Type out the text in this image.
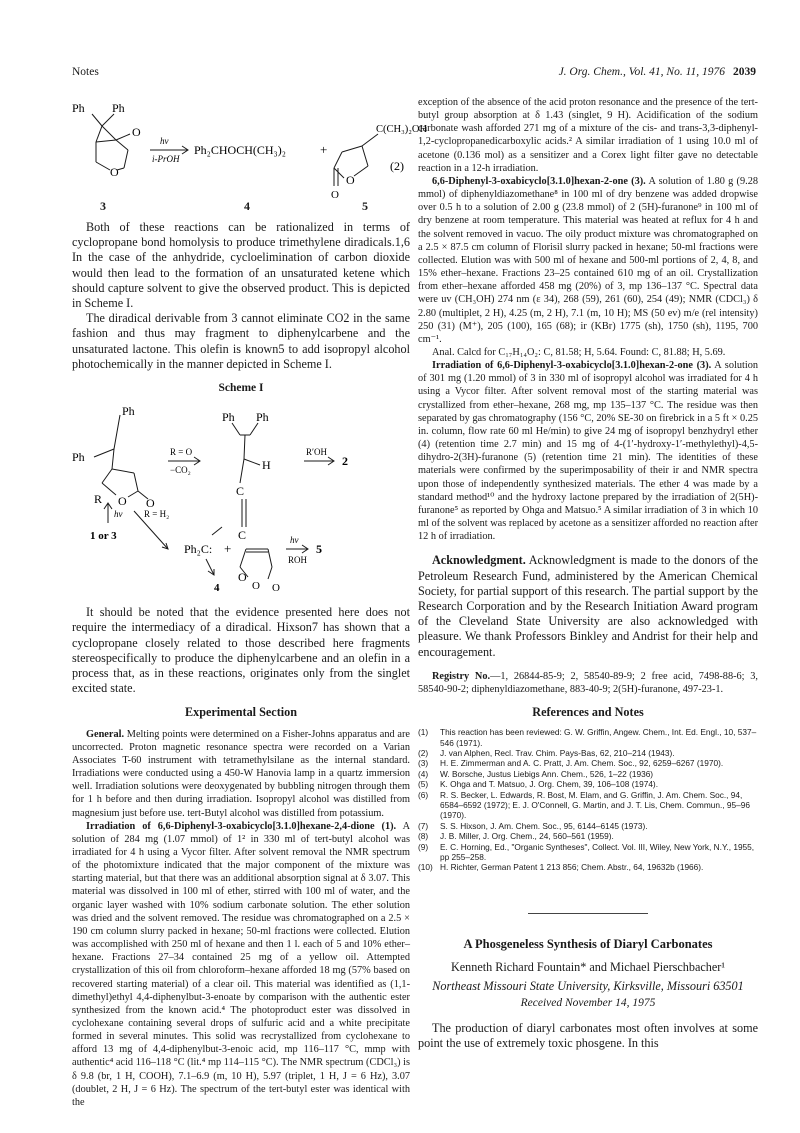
Notes	J. Org. Chem., Vol. 41, No. 11, 1976 2039
Ph Ph
O
O
hν
i-PrOH
Ph₂CHOCH(CH₃)₂	+
C(CH₃)₂OH
O
O
(2)
3	4	5

Both of these reactions can be rationalized in terms of cyclopropane bond homolysis to produce trimethylene diradicals.1,6 In the case of the anhydride, cycloelimination of carbon dioxide would then lead to the formation of an unsaturated ketene which should capture solvent to give the observed product. This is depicted in Scheme I.

The diradical derivable from 3 cannot eliminate CO2 in the same fashion and thus may fragment to diphenylcarbene and the unsaturated lactone. This olefin is known5 to add isopropyl alcohol photochemically in the manner depicted in Scheme I.

Scheme I
Ph
Ph
Ph Ph
R O O
R = O
−CO₂	H
C
C
O
R′OH
2
hν
1 or 3
R = H₂
Ph₂C: +
O O
hν
ROH
5
4

It should be noted that the evidence presented here does not require the intermediacy of a diradical. Hixson7 has shown that a cyclopropane closely related to those described here fragments stereospecifically to produce the diphenylcarbene and an olefin in a process that, as in these reactions, originates only from the singlet excited state.

Experimental Section

General. Melting points were determined on a Fisher-Johns apparatus and are uncorrected. Proton magnetic resonance spectra were recorded on a Varian Associates T-60 instrument with tetramethylsilane as the internal standard. Irradiations were conducted using a 450-W Hanovia lamp in a quartz immersion well. Irradiation solutions were deoxygenated by bubbling nitrogen through them for 1 h before and then during irradiation. Isopropyl alcohol was distilled from magnesium just before use. tert-Butyl alcohol was distilled from potassium.

Irradiation of 6,6-Diphenyl-3-oxabicyclo[3.1.0]hexane-2,4-dione (1). A solution of 284 mg (1.07 mmol) of 1² in 330 ml of tert-butyl alcohol was irradiated for 4 h using a Vycor filter. After solvent removal the NMR spectrum of the photomixture indicated that the major component of the mixture was starting material, but that there was an additional absorption signal at δ 3.07. This material was dissolved in 100 ml of ether, stirred with 100 ml of water, and the organic layer washed with 10% sodium carbonate solution. The ether solution was dried and the solvent removed. The residue was chromatographed on a 2.5 × 190 cm column slurry packed in hexane; 50-ml fractions were collected. Elution was accomplished with 250 ml of hexane and then 1 l. each of 5 and 10% ether–hexane. Fractions 27–34 contained 25 mg of a yellow oil. Attempted crystallization of this oil from chloroform–hexane afforded 18 mg (57% based on recovered starting material) of a clear oil. This material was identified as (1,1-dimethyl)ethyl 4,4-diphenylbut-3-enoate by comparison with the authentic ester synthesized from the known acid.⁴ The photoproduct ester was dissolved in cyclohexane containing several drops of sulfuric acid and a white precipitate formed in several minutes. This solid was recrystallized from cyclohexane to afford 13 mg of 4,4-diphenylbut-3-enoic acid, mp 116–117 °C, mmp with authentic⁴ acid 116–118 °C (lit.⁴ mp 114–115 °C). The NMR spectrum (CDCl₃) is δ 9.8 (br, 1 H, COOH), 7.1–6.9 (m, 10 H), 5.97 (triplet, 1 H, J = 6 Hz), 3.07 (doublet, 2 H, J = 6 Hz). The spectrum of the tert-butyl ester was identical with the

exception of the absence of the acid proton resonance and the presence of the tert-butyl group absorption at δ 1.43 (singlet, 9 H). Acidification of the sodium carbonate wash afforded 271 mg of a mixture of the cis- and trans-3,3-diphenyl-1,2-cyclopropanedicarboxylic acids.² A similar irradiation of 1 using 10.0 ml of acetone (0.136 mol) as a sensitizer and a Corex light filter gave no detectable reaction in a 12-h irradiation.

6,6-Diphenyl-3-oxabicyclo[3.1.0]hexan-2-one (3). A solution of 1.80 g (9.28 mmol) of diphenyldiazomethane⁸ in 100 ml of dry benzene was added dropwise over 0.5 h to a solution of 2.00 g (23.8 mmol) of 2 (5H)-furanone⁹ in 100 ml of dry benzene at room temperature. This material was heated at reflux for 4 h and the solvent removed in vacuo. The oily product mixture was chromatographed on a 2.5 × 87.5 cm column of Florisil slurry packed in hexane; 50-ml fractions were collected. Elution was with 500 ml of hexane and 500-ml portions of 2, 4, 8, and 15% ether–hexane. Fractions 23–25 contained 610 mg of an oil. Crystallization from ether–hexane afforded 458 mg (20%) of 3, mp 136–137 °C. Spectral data were uv (CH₃OH) 274 nm (ε 34), 268 (59), 261 (60), 254 (49); NMR (CDCl₃) δ 2.80 (multiplet, 2 H), 4.25 (m, 2 H), 7.1 (m, 10 H); MS (50 ev) m/e (rel intensity) 250 (31) (M⁺), 205 (100), 165 (68); ir (KBr) 1775 (sh), 1750 (sh), 1195, 700 cm⁻¹.

Anal. Calcd for C₁₇H₁₄O₂: C, 81.58; H, 5.64. Found: C, 81.88; H, 5.69.

Irradiation of 6,6-Diphenyl-3-oxabicyclo[3.1.0]hexan-2-one (3). A solution of 301 mg (1.20 mmol) of 3 in 330 ml of isopropyl alcohol was irradiated for 4 h using a Vycor filter. After solvent removal most of the starting material was crystallized from ether–hexane, 268 mg, mp 135–137 °C. The residue was then separated by gas chromatography (156 °C, 20% SE-30 on firebrick in a 5 ft × 0.25 in. column, flow rate 60 ml He/min) to give 24 mg of isopropyl benzhydryl ether (4) (retention time 2.7 min) and 15 mg of 4-(1′-hydroxy-1′-methylethyl)-4,5-dihydro-2(3H)-furanone (5) (retention time 21 min). The identities of these materials were confirmed by the superimposability of their ir and NMR spectra upon those of independently synthesized materials. The ether 4 was made by a standard method¹⁰ and the hydroxy lactone prepared by the irradiation of 2(5H)-furanone⁵ as reported by Ohga and Matsuo.⁵ A similar irradiation of 3 in which 10 ml of the solvent was replaced by acetone as a sensitizer afforded no reaction after 12 h of irradiation.

Acknowledgment. Acknowledgment is made to the donors of the Petroleum Research Fund, administered by the American Chemical Society, for partial support of this research. The partial support by the Research Corporation and by the Research Initiation Award program of the Cleveland State University are also acknowledged with pleasure. We thank Professors Binkley and Andrist for their help and encouragement.

Registry No.—1, 26844-85-9; 2, 58540-89-9; 2 free acid, 7498-88-6; 3, 58540-90-2; diphenyldiazomethane, 883-40-9; 2(5H)-furanone, 497-23-1.

References and Notes
(1)	This reaction has been reviewed: G. W. Griffin, Angew. Chem., Int. Ed. Engl., 10, 537–546 (1971).
(2)	J. van Alphen, Recl. Trav. Chim. Pays-Bas, 62, 210–214 (1943).
(3)	H. E. Zimmerman and A. C. Pratt, J. Am. Chem. Soc., 92, 6259–6267 (1970).
(4)	W. Borsche, Justus Liebigs Ann. Chem., 526, 1–22 (1936)
(5)	K. Ohga and T. Matsuo, J. Org. Chem, 39, 106–108 (1974).
(6)	R. S. Becker, L. Edwards, R. Bost, M. Elam, and G. Griffin, J. Am. Chem. Soc., 94, 6584–6592 (1972); E. J. O'Connell, G. Martin, and J. T. Lis, Chem. Commun., 95–96 (1970).
(7)	S. S. Hixson, J. Am. Chem. Soc., 95, 6144–6145 (1973).
(8)	J. B. Miller, J. Org. Chem., 24, 560–561 (1959).
(9)	E. C. Horning, Ed., "Organic Syntheses", Collect. Vol. III, Wiley, New York, N.Y., 1955, pp 255–258.
(10) H. Richter, German Patent 1 213 856; Chem. Abstr., 64, 19632b (1966).
A Phosgeneless Synthesis of Diaryl Carbonates
Kenneth Richard Fountain* and Michael Pierschbacher¹
Northeast Missouri State University, Kirksville, Missouri 63501
Received November 14, 1975

The production of diaryl carbonates most often involves at some point the use of extremely toxic phosgene. In this
